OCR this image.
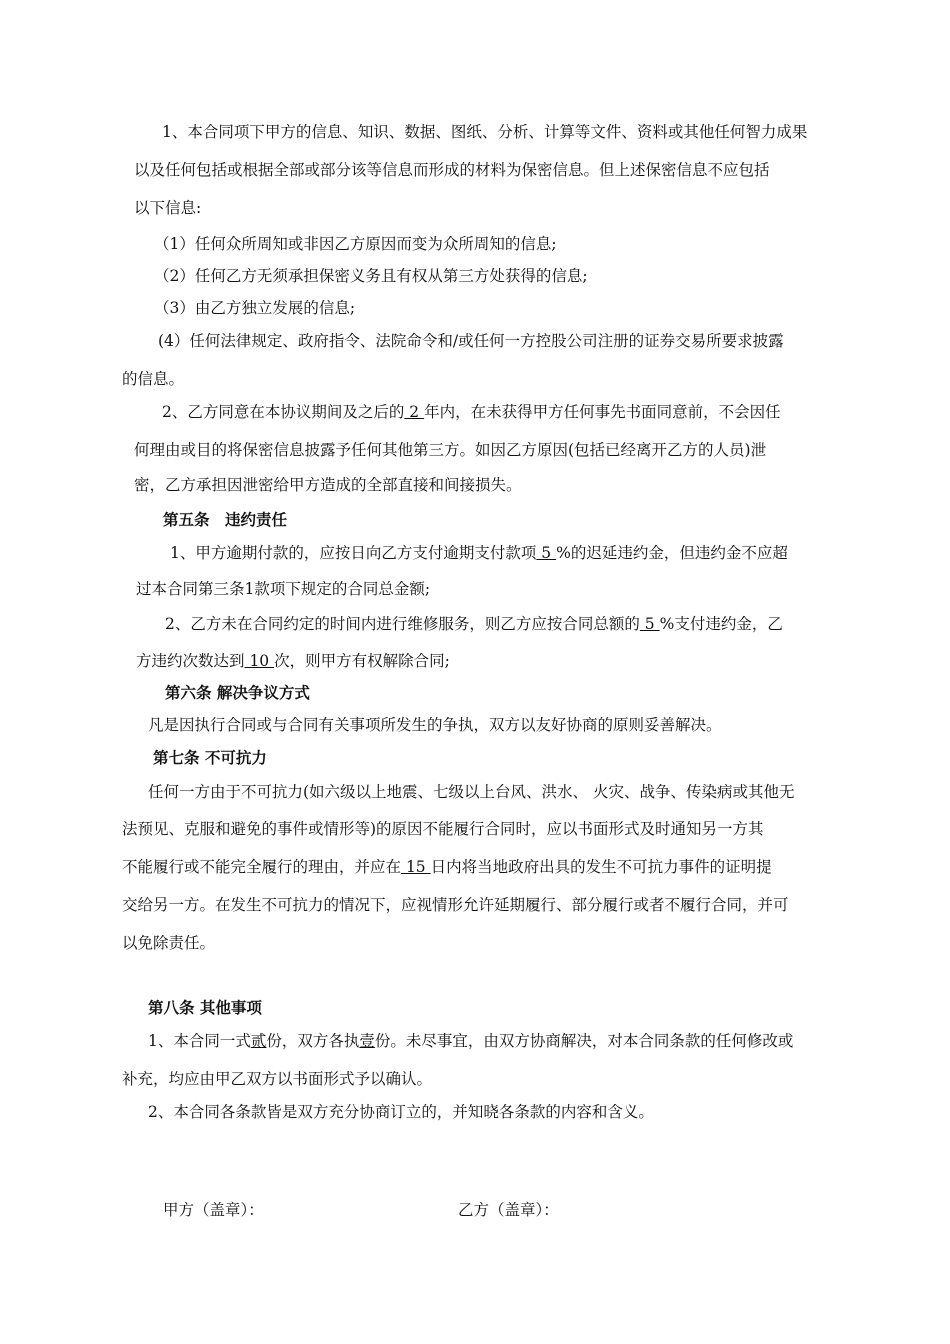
1、本合同项下甲方的信息、知识、数据、图纸、分析、计算等文件、资料或其他任何智力成果
以及任何包括或根据全部或部分该等信息而形成的材料为保密信息。但上述保密信息不应包括
以下信息:
（1）任何众所周知或非因乙方原因而变为众所周知的信息;
（2）任何乙方无须承担保密义务且有权从第三方处获得的信息;
（3）由乙方独立发展的信息;
(4）任何法律规定、政府指令、法院命令和/或任何一方控股公司注册的证券交易所要求披露
的信息。
2、乙方同意在本协议期间及之后的 2 年内，在未获得甲方任何事先书面同意前，不会因任
何理由或目的将保密信息披露予任何其他第三方。如因乙方原因(包括已经离开乙方的人员)泄
密，乙方承担因泄密给甲方造成的全部直接和间接损失。
第五条　违约责任
1、甲方逾期付款的，应按日向乙方支付逾期支付款项 5 %的迟延违约金，但违约金不应超
过本合同第三条1款项下规定的合同总金额;
2、乙方未在合同约定的时间内进行维修服务，则乙方应按合同总额的 5 %支付违约金，乙
方违约次数达到 10 次，则甲方有权解除合同;
第六条 解决争议方式
凡是因执行合同或与合同有关事项所发生的争执，双方以友好协商的原则妥善解决。
第七条 不可抗力
任何一方由于不可抗力(如六级以上地震、七级以上台风、洪水、 火灾、战争、传染病或其他无
法预见、克服和避免的事件或情形等)的原因不能履行合同时，应以书面形式及时通知另一方其
不能履行或不能完全履行的理由，并应在 15 日内将当地政府出具的发生不可抗力事件的证明提
交给另一方。在发生不可抗力的情况下，应视情形允许延期履行、部分履行或者不履行合同，并可
以免除责任。
第八条 其他事项
1、本合同一式贰份，双方各执壹份。未尽事宜，由双方协商解决，对本合同条款的任何修改或
补充，均应由甲乙双方以书面形式予以确认。
2、本合同各条款皆是双方充分协商订立的，并知晓各条款的内容和含义。
甲方（盖章）：	乙方（盖章）：
